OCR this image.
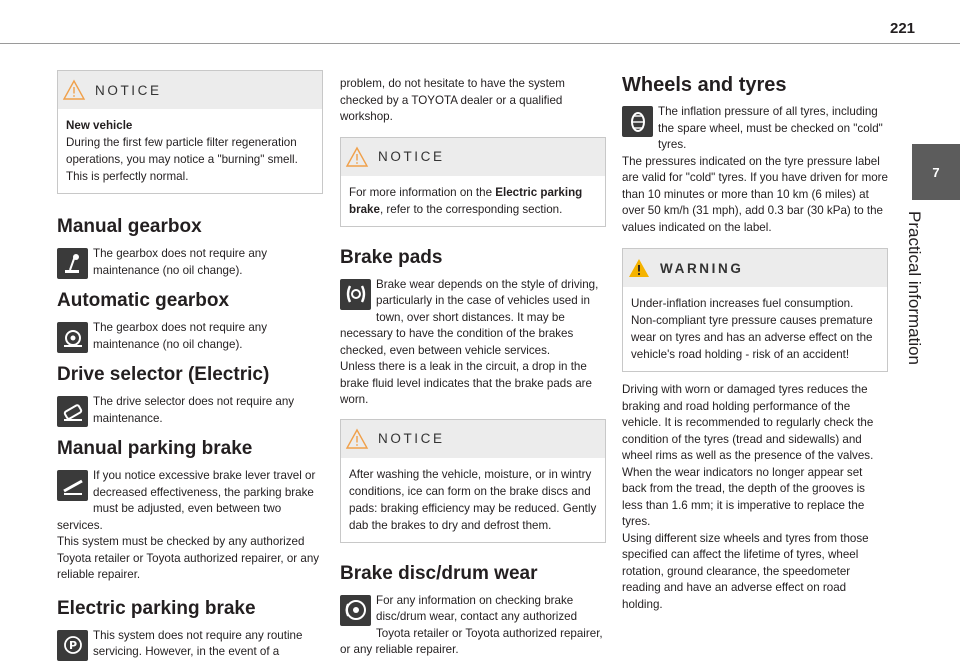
221
7
Practical information
NOTICE
New vehicle
During the first few particle filter regeneration operations, you may notice a "burning" smell. This is perfectly normal.
Manual gearbox
The gearbox does not require any maintenance (no oil change).
Automatic gearbox
The gearbox does not require any maintenance (no oil change).
Drive selector (Electric)
The drive selector does not require any maintenance.
Manual parking brake
If you notice excessive brake lever travel or decreased effectiveness, the parking brake must be adjusted, even between two services.
This system must be checked by any authorized Toyota retailer or Toyota authorized repairer, or any reliable repairer.
Electric parking brake
P
This system does not require any routine servicing. However, in the event of a
problem, do not hesitate to have the system checked by a TOYOTA dealer or a qualified workshop.
NOTICE
For more information on the Electric parking brake, refer to the corresponding section.
Brake pads
Brake wear depends on the style of driving, particularly in the case of vehicles used in town, over short distances. It may be necessary to have the condition of the brakes checked, even between vehicle services.
Unless there is a leak in the circuit, a drop in the brake fluid level indicates that the brake pads are worn.
NOTICE
After washing the vehicle, moisture, or in wintry conditions, ice can form on the brake discs and pads: braking efficiency may be reduced. Gently dab the brakes to dry and defrost them.
Brake disc/drum wear
For any information on checking brake disc/drum wear, contact any authorized Toyota retailer or Toyota authorized repairer, or any reliable repairer.
Wheels and tyres
The inflation pressure of all tyres, including the spare wheel, must be checked on "cold" tyres.
The pressures indicated on the tyre pressure label are valid for "cold" tyres. If you have driven for more than 10 minutes or more than 10 km (6 miles) at over 50 km/h (31 mph), add 0.3 bar (30 kPa) to the values indicated on the label.
WARNING
Under-inflation increases fuel consumption. Non-compliant tyre pressure causes premature wear on tyres and has an adverse effect on the vehicle's road holding - risk of an accident!
Driving with worn or damaged tyres reduces the braking and road holding performance of the vehicle. It is recommended to regularly check the condition of the tyres (tread and sidewalls) and wheel rims as well as the presence of the valves. When the wear indicators no longer appear set back from the tread, the depth of the grooves is less than 1.6 mm; it is imperative to replace the tyres.
Using different size wheels and tyres from those specified can affect the lifetime of tyres, wheel rotation, ground clearance, the speedometer reading and have an adverse effect on road holding.
